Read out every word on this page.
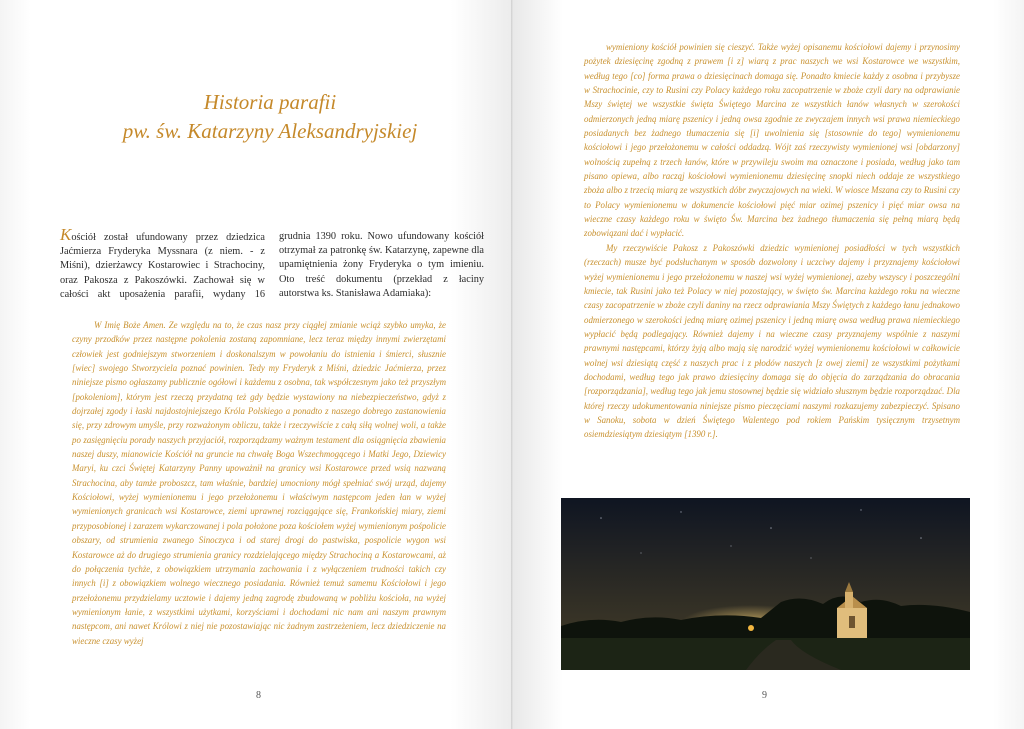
Historia parafii
pw. św. Katarzyny Aleksandryjskiej

Kościół został ufundowany przez dziedzica Jaćmierza Fryderyka Myssnara (z niem. - z Miśni), dzierżawcy Kostarowiec i Strachociny, oraz Pakosza z Pakoszówki. Zachował się w całości akt uposażenia parafii, wydany 16 grudnia 1390 roku. Nowo ufundowany kościół otrzymał za patronkę św. Katarzynę, zapewne dla upamiętnienia żony Fryderyka o tym imieniu. Oto treść dokumentu (przekład z łaciny autorstwa ks. Stanisława Adamiaka):

W Imię Boże Amen. Ze względu na to, że czas nasz przy ciągłej zmianie wciąż szybko umyka, że czyny przodków przez następne pokolenia zostaną zapomniane, lecz teraz między innymi zwierzętami człowiek jest godniejszym stworzeniem i doskonalszym w powołaniu do istnienia i śmierci, słusznie [wiec] swojego Stworzyciela poznać powinien. Tedy my Fryderyk z Miśni, dziedzic Jaćmierza, przez niniejsze pismo ogłaszamy publicznie ogółowi i każdemu z osobna, tak współczesnym jako też przyszłym [pokoleniom], którym jest rzeczą przydatną też gdy będzie wystawiony na niebezpieczeństwo, gdyż z dojrzałej zgody i łaski najdostojniejszego Króla Polskiego a ponadto z naszego dobrego zastanowienia się, przy zdrowym umyśle, przy rozważonym obliczu, także i rzeczywiście z całą siłą wolnej woli, a także po zasięgnięciu porady naszych przyjaciół, rozporządzamy ważnym testament dla osiągnięcia zbawienia naszej duszy, mianowicie Kościół na gruncie na chwałę Boga Wszechmogącego i Matki Jego, Dziewicy Maryi, ku czci Świętej Katarzyny Panny upoważnił na granicy wsi Kostarowce przed wsią nazwaną Strachocina, aby tamże proboszcz, tam właśnie, bardziej umocniony mógł spełniać swój urząd, dajemy Kościołowi, wyżej wymienionemu i jego przełożonemu i właściwym następcom jeden łan w wyżej wymienionych granicach wsi Kostarowce, ziemi uprawnej rozciągające się, Frankońskiej miary, ziemi przyposobionej i zarazem wykarczowanej i pola położone poza kościołem wyżej wymienionym pośpolicie obszary, od strumienia zwanego Sinoczyca i od starej drogi do pastwiska, pospolicie wygon wsi Kostarowce aż do drugiego strumienia granicy rozdzielającego między Strachociną a Kostarowcami, aż do połączenia tychże, z obowiązkiem utrzymania zachowania i z wyłączeniem trudności takich czy innych [i] z obowiązkiem wolnego wiecznego posiadania. Również temuż samemu Kościołowi i jego przełożonemu przydzielamy ucztowie i dajemy jedną zagrodę zbudowaną w pobliżu kościoła, na wyżej wymienionym łanie, z wszystkimi użytkami, korzyściami i dochodami nic nam ani naszym prawnym następcom, ani nawet Królowi z niej nie pozostawiając nic żadnym zastrzeżeniem, lecz dziedziczenie na wieczne czasy wyżej

8

wymieniony kościół powinien się cieszyć. Także wyżej opisanemu kościołowi dajemy i przynosimy pożytek dziesięcinę zgodną z prawem [i z] wiarą z prac naszych we wsi Kostarowce we wszystkim, według tego [co] forma prawa o dziesięcinach domaga się. Ponadto kmiecie każdy z osobna i przybysze w Strachocinie, czy to Rusini czy Polacy każdego roku zacopatrzenie w zboże czyli dary na odprawianie Mszy świętej we wszystkie święta Świętego Marcina ze wszystkich łanów własnych w szerokości odmierzonych jedną miarę pszenicy i jedną owsa zgodnie ze zwyczajem innych wsi prawa niemieckiego posiadanych bez żadnego tłumaczenia się [i] uwolnienia się [stosownie do tego] wymienionemu kościołowi i jego przełożonemu w całości oddadzą. Wójt zaś rzeczywisty wymienionej wsi [obdarzony] wolnością zupełną z trzech łanów, które w przywileju swoim ma oznaczone i posiada, według jako tam pisano opiewa, albo racząj kościołowi wymienionemu dziesięcinę snopki niech oddaje ze wszystkiego zboża albo z trzecią miarą ze wszystkich dóbr zwyczajowych na wieki. W wiosce Mszana czy to Rusini czy to Polacy wymienionemu w dokumencie kościołowi pięć miar ozimej pszenicy i pięć miar owsa na wieczne czasy każdego roku w święto Św. Marcina bez żadnego tłumaczenia się pełną miarą będą zobowiązani dać i wypłacić.

My rzeczywiście Pakosz z Pakoszówki dziedzic wymienionej posiadłości w tych wszystkich (rzeczach) musze być podsłuchanym w sposób dozwolony i uczciwy dajemy i przyznajemy kościołowi wyżej wymienionemu i jego przełożonemu w naszej wsi wyżej wymienionej, azeby wszyscy i poszczególni kmiecie, tak Rusini jako też Polacy w niej pozostający, w święto św. Marcina każdego roku na wieczne czasy zacopatrzenie w zboże czyli daniny na rzecz odprawiania Mszy Świętych z każdego łanu jednakowo odmierzonego w szerokości jedną miarę ozimej pszenicy i jedną miarę owsa według prawa niemieckiego wypłacić będą podlegający. Również dajemy i na wieczne czasy przyznajemy wspólnie z naszymi prawnymi następcami, którzy żyją albo mają się narodzić wyżej wymienionemu kościołowi w całkowicie wolnej wsi dziesiątą część z naszych prac i z płodów naszych [z owej ziemi] ze wszystkimi pożytkami dochodami, według tego jak prawo dziesięciny domaga się do objęcia do zarządzania do obracania [rozporządzania], według tego jak jemu stosownej będzie się widziało słusznym będzie rozporządzać. Dla której rzeczy udokumentowania niniejsze pismo pieczęciami naszymi rozkazujemy zabezpieczyć. Spisano w Sanoku, sobota w dzień Świętego Walentego pod rokiem Pańskim tysięcznym trzysetnym osiemdziesiątym dziesiątym [1390 r.].

9
